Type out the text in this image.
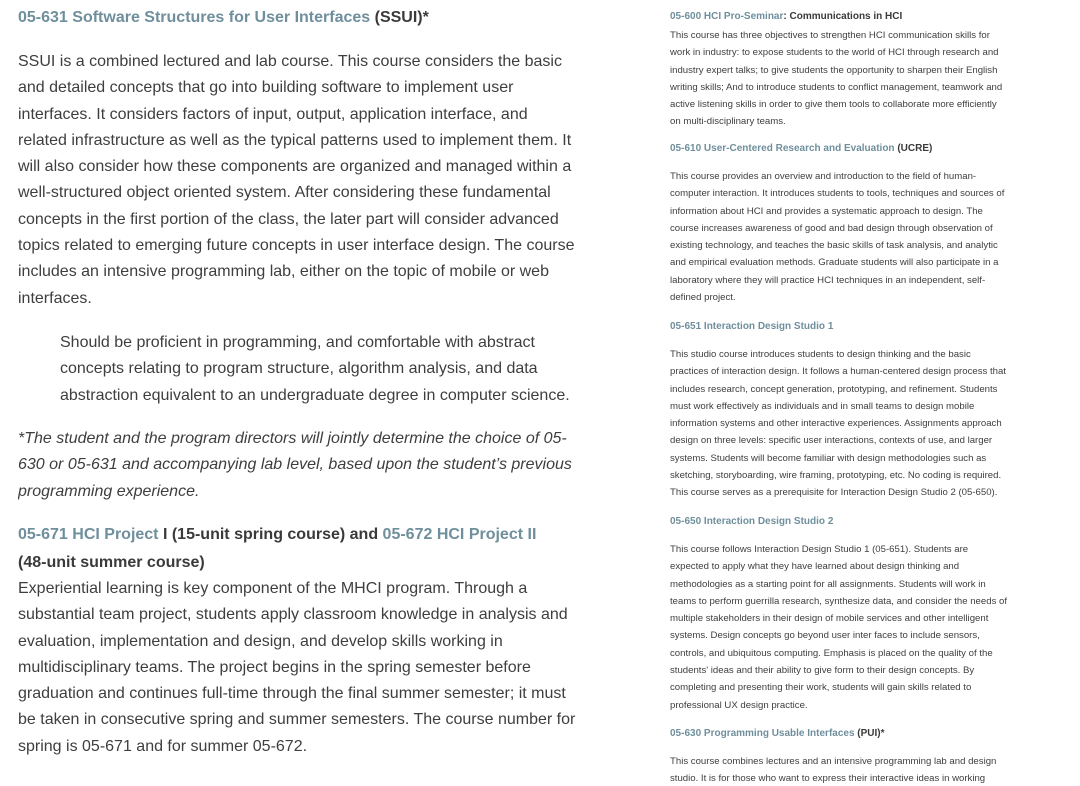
05-631 Software Structures for User Interfaces (SSUI)*
SSUI is a combined lectured and lab course. This course considers the basic
and detailed concepts that go into building software to implement user
interfaces. It considers factors of input, output, application interface, and
related infrastructure as well as the typical patterns used to implement them. It
will also consider how these components are organized and managed within a
well-structured object oriented system. After considering these fundamental
concepts in the first portion of the class, the later part will consider advanced
topics related to emerging future concepts in user interface design. The course
includes an intensive programming lab, either on the topic of mobile or web
interfaces.
Should be proficient in programming, and comfortable with abstract
concepts relating to program structure, algorithm analysis, and data
abstraction equivalent to an undergraduate degree in computer science.
*The student and the program directors will jointly determine the choice of 05-
630 or 05-631 and accompanying lab level, based upon the student’s previous
programming experience.
05-671 HCI Project I (15-unit spring course) and 05-672 HCI Project II
(48-unit summer course)
Experiential learning is key component of the MHCI program. Through a
substantial team project, students apply classroom knowledge in analysis and
evaluation, implementation and design, and develop skills working in
multidisciplinary teams. The project begins in the spring semester before
graduation and continues full-time through the final summer semester; it must
be taken in consecutive spring and summer semesters. The course number for
spring is 05-671 and for summer 05-672.
05-600 HCI Pro-Seminar: Communications in HCI
This course has three objectives to strengthen HCI communication skills for
work in industry: to expose students to the world of HCI through research and
industry expert talks; to give students the opportunity to sharpen their English
writing skills; And to introduce students to conflict management, teamwork and
active listening skills in order to give them tools to collaborate more efficiently
on multi-disciplinary teams.
05-610 User-Centered Research and Evaluation (UCRE)
This course provides an overview and introduction to the field of human-
computer interaction. It introduces students to tools, techniques and sources of
information about HCI and provides a systematic approach to design. The
course increases awareness of good and bad design through observation of
existing technology, and teaches the basic skills of task analysis, and analytic
and empirical evaluation methods. Graduate students will also participate in a
laboratory where they will practice HCI techniques in an independent, self-
defined project.
05-651 Interaction Design Studio 1
This studio course introduces students to design thinking and the basic
practices of interaction design. It follows a human-centered design process that
includes research, concept generation, prototyping, and refinement. Students
must work effectively as individuals and in small teams to design mobile
information systems and other interactive experiences. Assignments approach
design on three levels: specific user interactions, contexts of use, and larger
systems. Students will become familiar with design methodologies such as
sketching, storyboarding, wire framing, prototyping, etc. No coding is required.
This course serves as a prerequisite for Interaction Design Studio 2 (05-650).
05-650 Interaction Design Studio 2
This course follows Interaction Design Studio 1 (05-651). Students are
expected to apply what they have learned about design thinking and
methodologies as a starting point for all assignments. Students will work in
teams to perform guerrilla research, synthesize data, and consider the needs of
multiple stakeholders in their design of mobile services and other intelligent
systems. Design concepts go beyond user inter faces to include sensors,
controls, and ubiquitous computing. Emphasis is placed on the quality of the
students' ideas and their ability to give form to their design concepts. By
completing and presenting their work, students will gain skills related to
professional UX design practice.
05-630 Programming Usable Interfaces (PUI)*
This course combines lectures and an intensive programming lab and design
studio. It is for those who want to express their interactive ideas in working
